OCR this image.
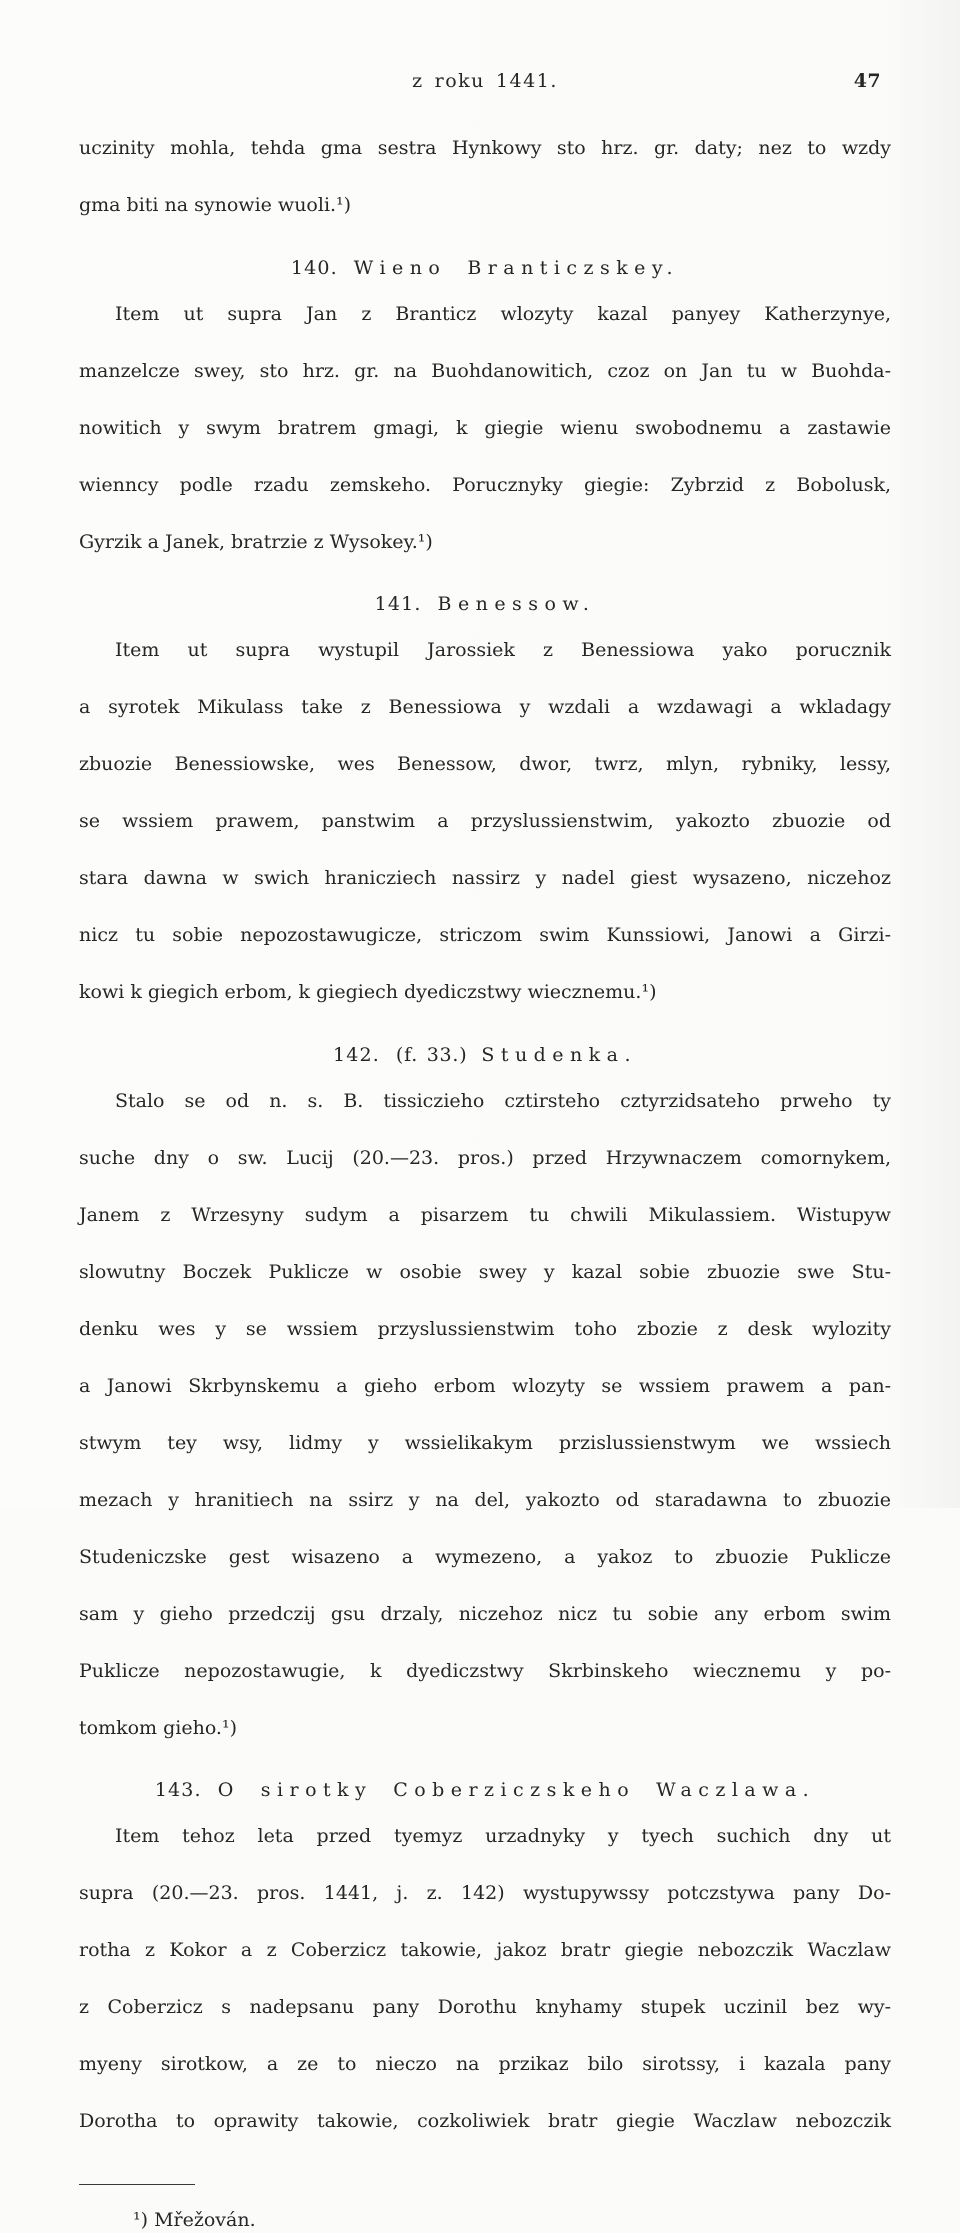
z roku 1441.	47
uczinity mohla, tehda gma sestra Hynkowy sto hrz. gr. daty; nez to wzdy
gma biti na synowie wuoli.¹)
140. Wieno Branticzskey.
Item ut supra Jan z Branticz wlozyty kazal panyey Katherzynye,
manzelcze swey, sto hrz. gr. na Buohdanowitich, czoz on Jan tu w Buohda-
nowitich y swym bratrem gmagi, k giegie wienu swobodnemu a zastawie
wienncy podle rzadu zemskeho. Porucznyky giegie: Zybrzid z Bobolusk,
Gyrzik a Janek, bratrzie z Wysokey.¹)
141. Benessow.
Item ut supra wystupil Jarossiek z Benessiowa yako porucznik
a syrotek Mikulass take z Benessiowa y wzdali a wzdawagi a wkladagy
zbuozie Benessiowske, wes Benessow, dwor, twrz, mlyn, rybniky, lessy,
se wssiem prawem, panstwim a przyslussienstwim, yakozto zbuozie od
stara dawna w swich hranicziech nassirz y nadel giest wysazeno, niczehoz
nicz tu sobie nepozostawugicze, striczom swim Kunssiowi, Janowi a Girzi-
kowi k giegich erbom, k giegiech dyediczstwy wiecznemu.¹)
142. (f. 33.) Studenka.
Stalo se od n. s. B. tissiczieho cztirsteho cztyrzidsateho prweho ty
suche dny o sw. Lucij (20.—23. pros.) przed Hrzywnaczem comornykem,
Janem z Wrzesyny sudym a pisarzem tu chwili Mikulassiem. Wistupyw
slowutny Boczek Puklicze w osobie swey y kazal sobie zbuozie swe Stu-
denku wes y se wssiem przyslussienstwim toho zbozie z desk wylozity
a Janowi Skrbynskemu a gieho erbom wlozyty se wssiem prawem a pan-
stwym tey wsy, lidmy y wssielikakym przislussienstwym we wssiech
mezach y hranitiech na ssirz y na del, yakozto od staradawna to zbuozie
Studeniczske gest wisazeno a wymezeno, a yakoz to zbuozie Puklicze
sam y gieho przedczij gsu drzaly, niczehoz nicz tu sobie any erbom swim
Puklicze nepozostawugie, k dyediczstwy Skrbinskeho wiecznemu y po-
tomkom gieho.¹)
143. O sirotky Coberziczskeho Waczlawa.
Item tehoz leta przed tyemyz urzadnyky y tyech suchich dny ut
supra (20.—23. pros. 1441, j. z. 142) wystupywssy potczstywa pany Do-
rotha z Kokor a z Coberzicz takowie, jakoz bratr giegie nebozczik Waczlaw
z Coberzicz s nadepsanu pany Dorothu knyhamy stupek uczinil bez wy-
myeny sirotkow, a ze to nieczo na przikaz bilo sirotssy, i kazala pany
Dorotha to oprawity takowie, cozkoliwiek bratr giegie Waczlaw nebozczik
¹) Mřežován.
